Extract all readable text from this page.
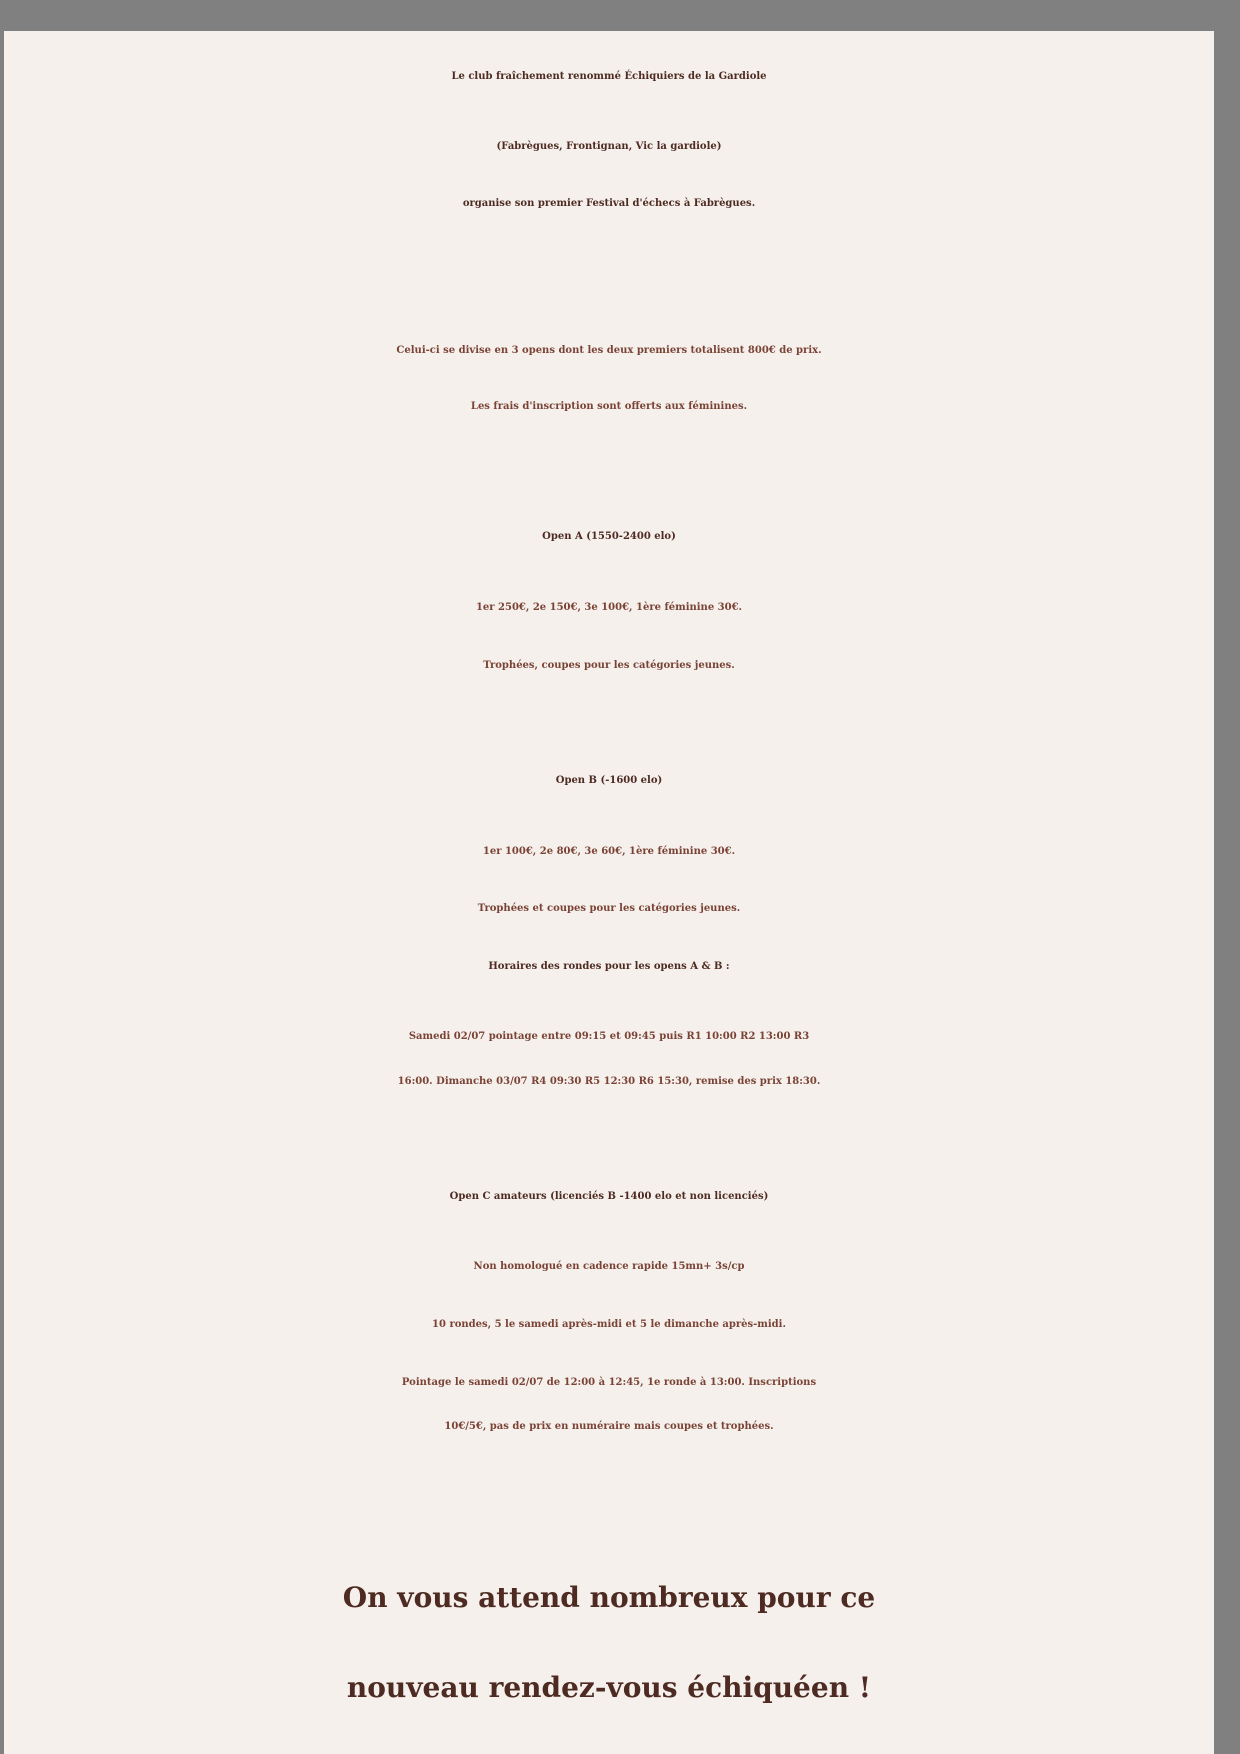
Le club fraîchement renommé Échiquiers de la Gardiole

(Fabrègues, Frontignan, Vic la gardiole)

organise son premier Festival d'échecs à Fabrègues.

Celui-ci se divise en 3 opens dont les deux premiers totalisent 800€ de prix.

Les frais d'inscription sont offerts aux féminines.

Open A (1550-2400 elo)

1er 250€, 2e 150€, 3e 100€, 1ère féminine 30€.

Trophées, coupes pour les catégories jeunes.

Open B (-1600 elo)

1er 100€, 2e 80€, 3e 60€, 1ère féminine 30€.

Trophées et coupes pour les catégories jeunes.

Horaires des rondes pour les opens A & B :

Samedi 02/07 pointage entre 09:15 et 09:45 puis R1 10:00 R2 13:00 R3

16:00. Dimanche 03/07 R4 09:30 R5 12:30 R6 15:30, remise des prix 18:30.

Open C amateurs (licenciés B -1400 elo et non licenciés)

Non homologué en cadence rapide 15mn+ 3s/cp

10 rondes, 5 le samedi après-midi et 5 le dimanche après-midi.

Pointage le samedi 02/07 de 12:00 à 12:45, 1e ronde à 13:00. Inscriptions

10€/5€, pas de prix en numéraire mais coupes et trophées.

On vous attend nombreux pour ce

nouveau rendez-vous échiquéen !
